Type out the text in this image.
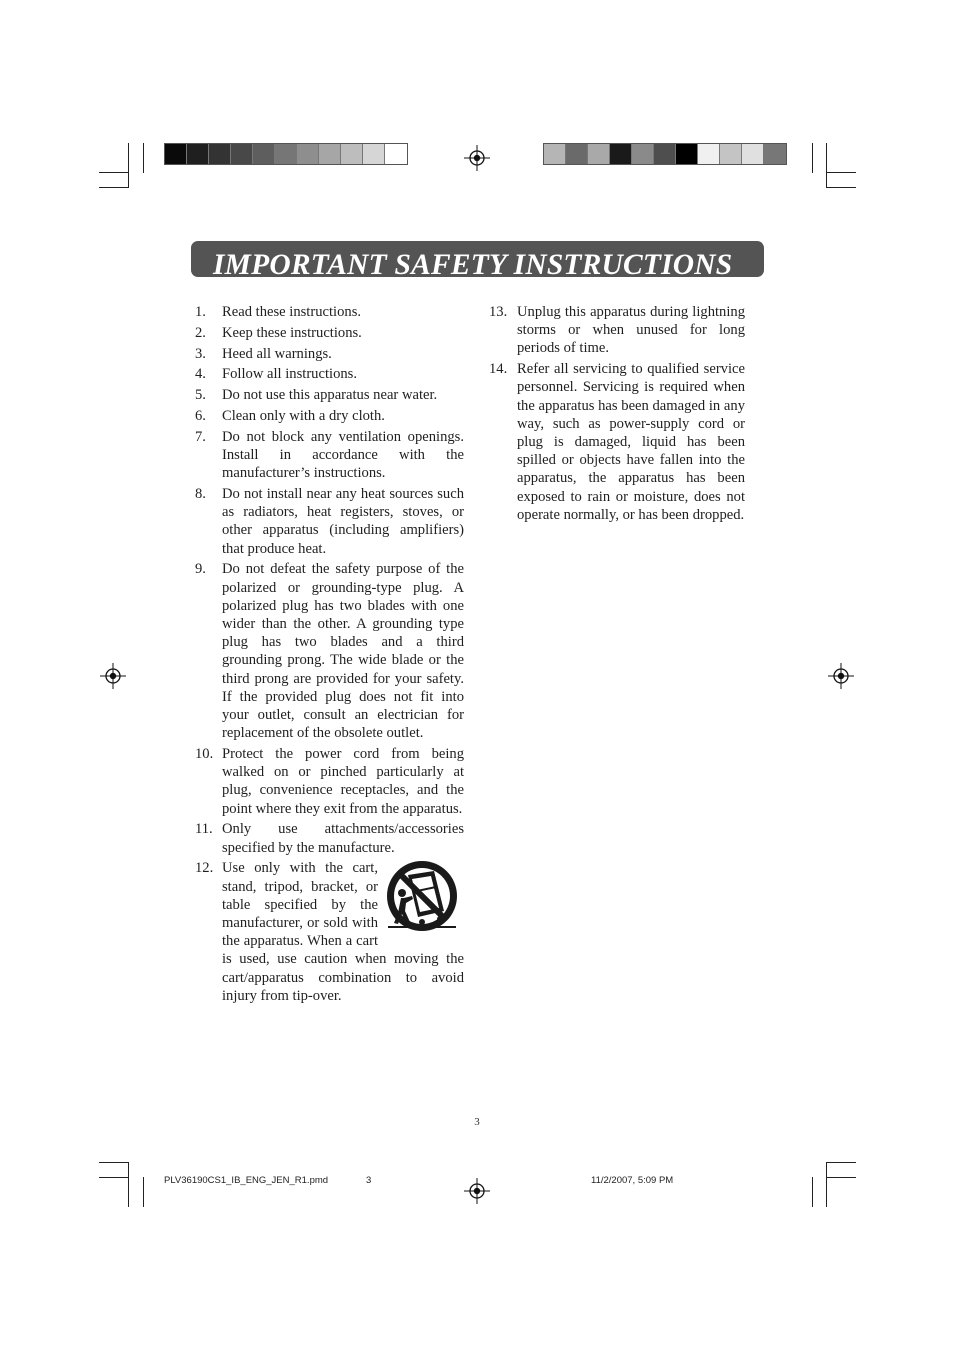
IMPORTANT SAFETY INSTRUCTIONS
1. Read these instructions.
2. Keep these instructions.
3. Heed all warnings.
4. Follow all instructions.
5. Do not use this apparatus near water.
6. Clean only with a dry cloth.
7. Do not block any ventilation openings. Install in accordance with the manufacturer’s instructions.
8. Do not install near any heat sources such as radiators, heat registers, stoves, or other apparatus (including amplifiers) that produce heat.
9. Do not defeat the safety purpose of the polarized or grounding-type plug. A polarized plug has two blades with one wider than the other. A grounding type plug has two blades and a third grounding prong. The wide blade or the third prong are provided for your safety. If the provided plug does not fit into your outlet, consult an electrician for replacement of the obsolete outlet.
10. Protect the power cord from being walked on or pinched particularly at plug, convenience receptacles, and the point where they exit from the apparatus.
11. Only use attachments/accessories specified by the manufacture.
12. Use only with the cart, stand, tripod, bracket, or table specified by the manufacturer, or sold with the apparatus. When a cart is used, use caution when moving the cart/apparatus combination to avoid injury from tip-over.
13. Unplug this apparatus during lightning storms or when unused for long periods of time.
14. Refer all servicing to qualified service personnel. Servicing is required when the apparatus has been damaged in any way, such as power-supply cord or plug is damaged, liquid has been spilled or objects have fallen into the apparatus, the apparatus has been exposed to rain or moisture, does not operate normally, or has been dropped.
3
PLV36190CS1_IB_ENG_JEN_R1.pmd	3	11/2/2007, 5:09 PM
